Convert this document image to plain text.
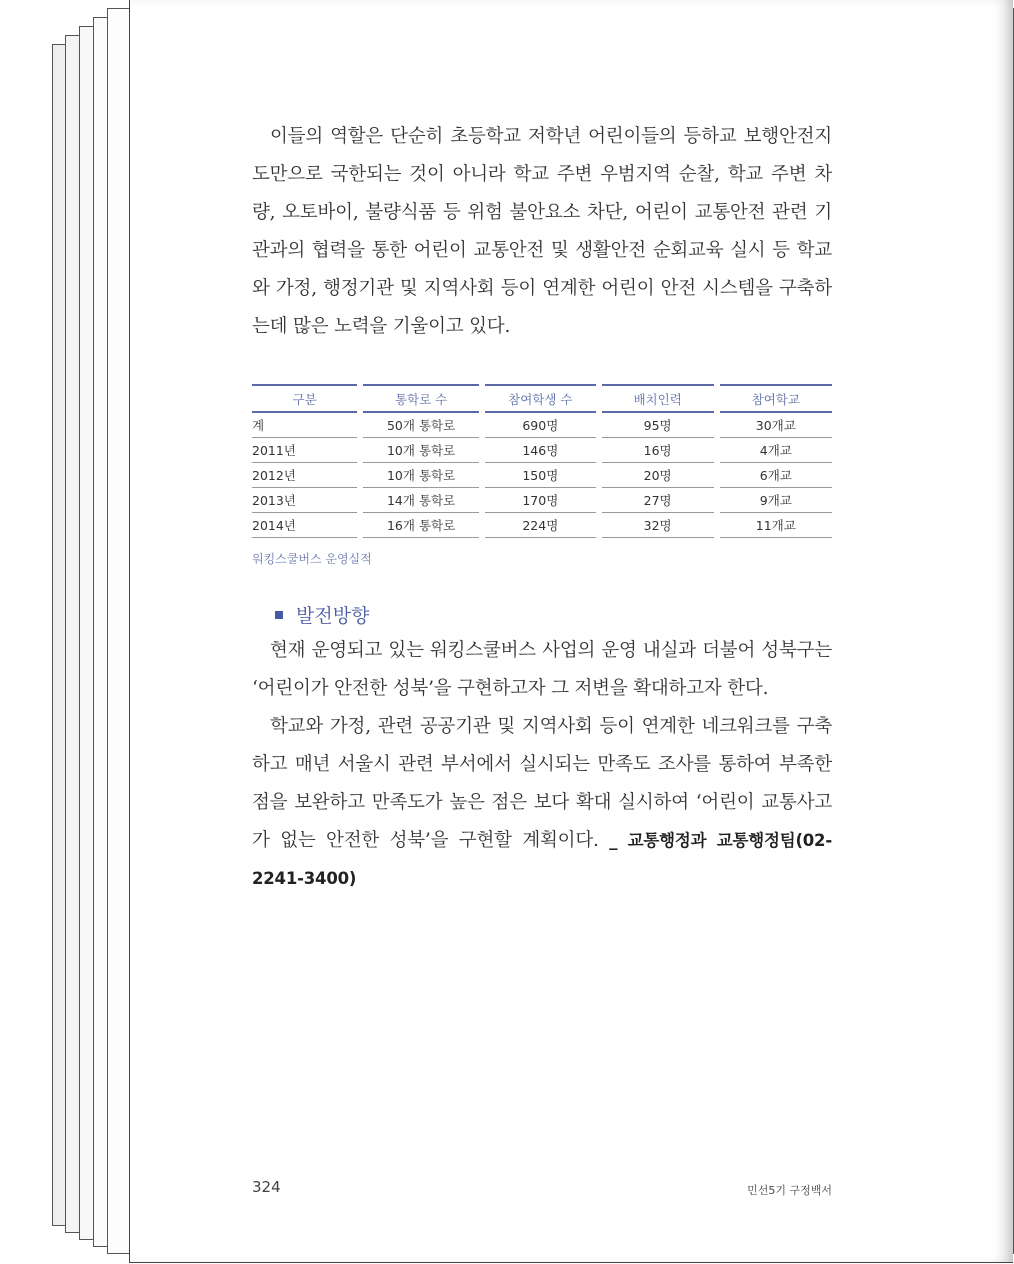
이들의 역할은 단순히 초등학교 저학년 어린이들의 등하교 보행안전지도만으로 국한되는 것이 아니라 학교 주변 우범지역 순찰, 학교 주변 차량, 오토바이, 불량식품 등 위험 불안요소 차단, 어린이 교통안전 관련 기관과의 협력을 통한 어린이 교통안전 및 생활안전 순회교육 실시 등 학교와 가정, 행정기관 및 지역사회 등이 연계한 어린이 안전 시스템을 구축하는데 많은 노력을 기울이고 있다.

구분		통학로 수		참여학생 수		배치인력		참여학교
계		50개 통학로		690명		95명		30개교
2011년		10개 통학로		146명		16명		4개교
2012년		10개 통학로		150명		20명		6개교
2013년		14개 통학로		170명		27명		9개교
2014년		16개 통학로		224명		32명		11개교
워킹스쿨버스 운영실적
발전방향

현재 운영되고 있는 워킹스쿨버스 사업의 운영 내실과 더불어 성북구는 ‘어린이가 안전한 성북’을 구현하고자 그 저변을 확대하고자 한다.

학교와 가정, 관련 공공기관 및 지역사회 등이 연계한 네크워크를 구축하고 매년 서울시 관련 부서에서 실시되는 만족도 조사를 통하여 부족한 점을 보완하고 만족도가 높은 점은 보다 확대 실시하여 ‘어린이 교통사고가 없는 안전한 성북’을 구현할 계획이다. _ 교통행정과 교통행정팀(02-2241-3400)

324	민선5기 구정백서
